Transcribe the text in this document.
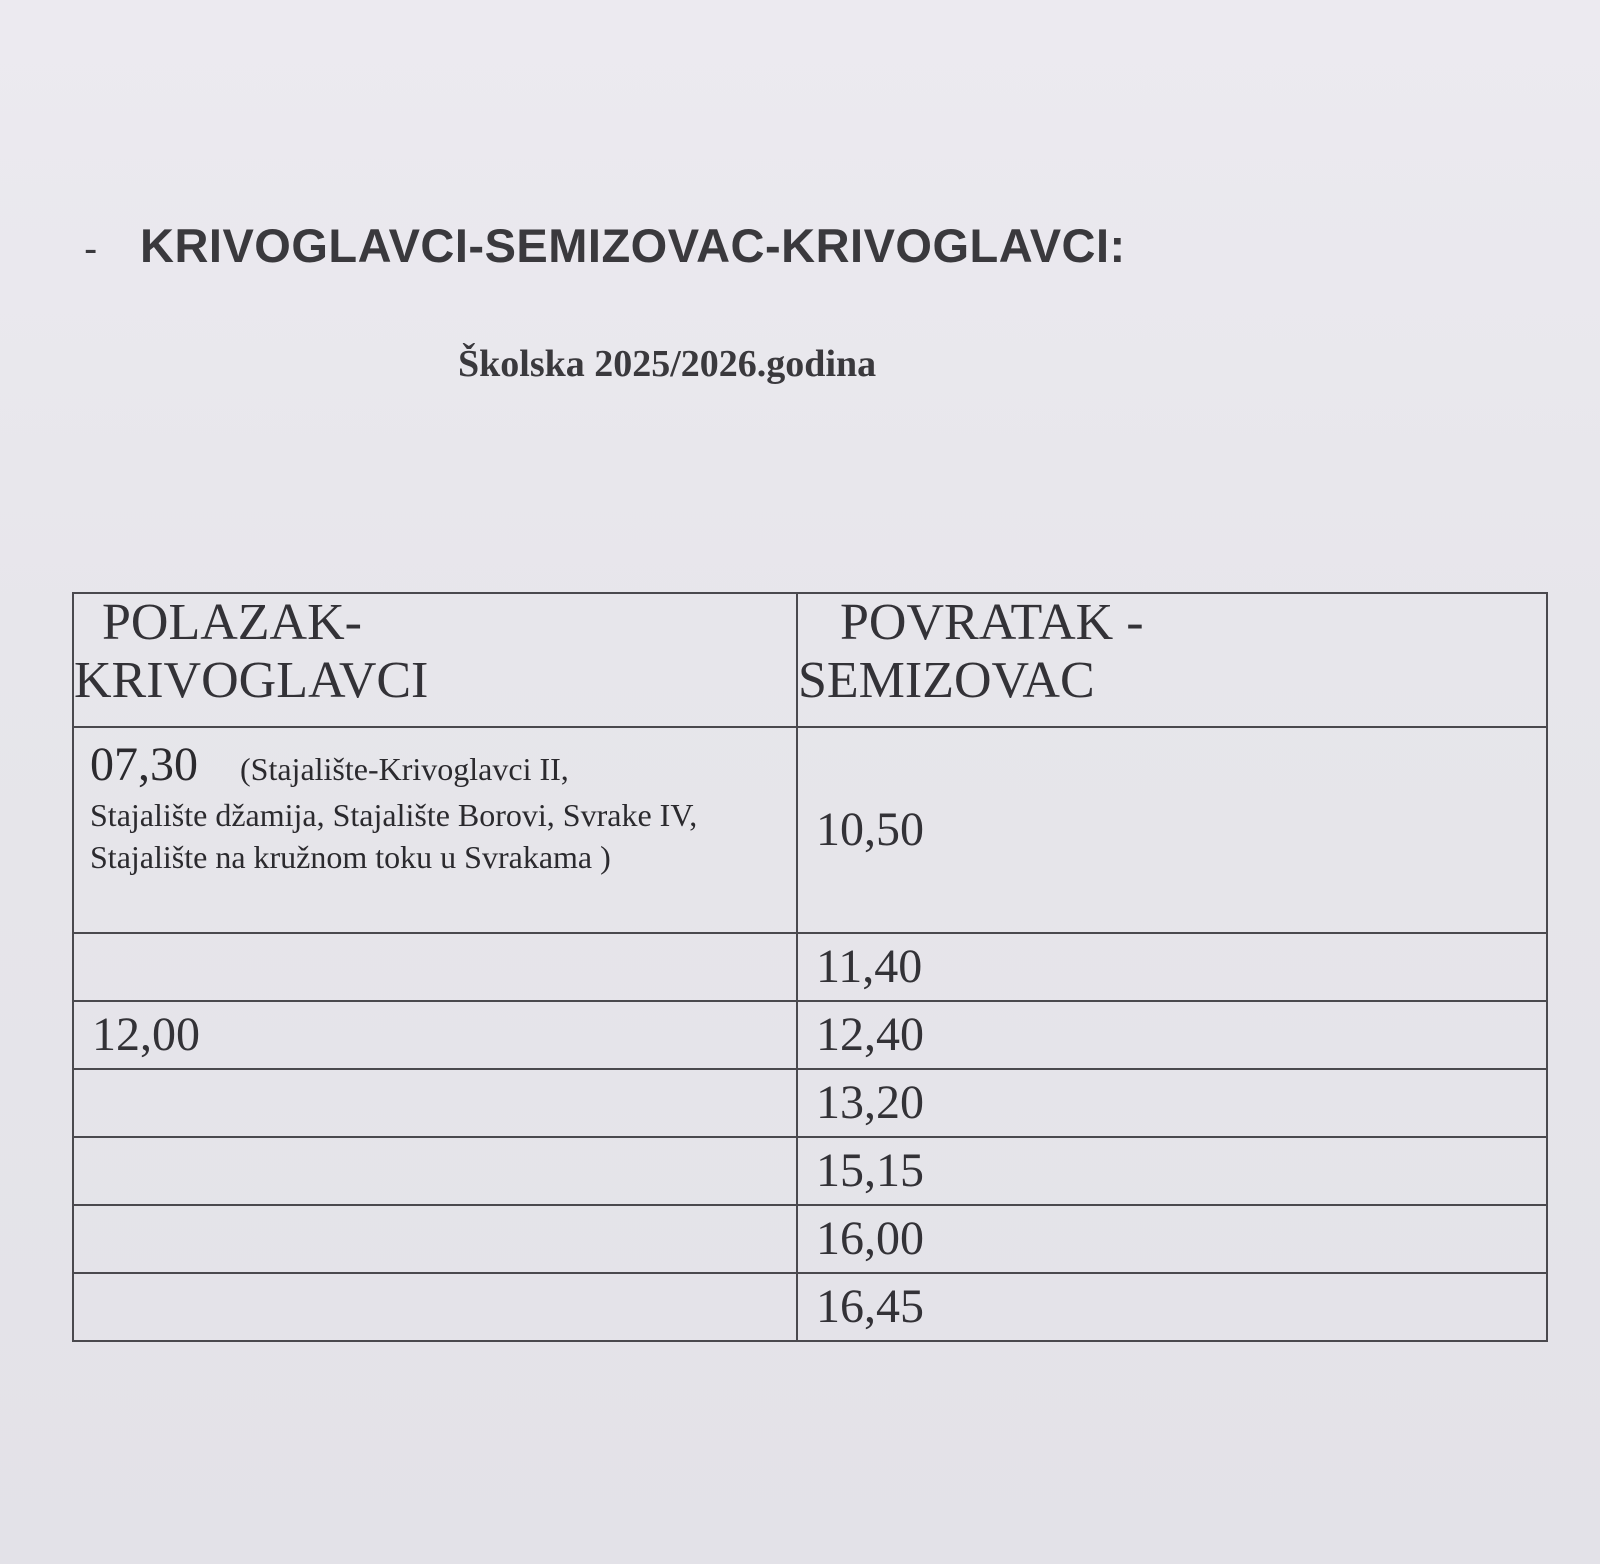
- KRIVOGLAVCI-SEMIZOVAC-KRIVOGLAVCI:
Školska 2025/2026.godina
POLAZAK-
KRIVOGLAVCI	POVRATAK -
SEMIZOVAC
07,30 (Stajalište-Krivoglavci II,
Stajalište džamija, Stajalište Borovi, Svrake IV, Stajalište na kružnom toku u Svrakama )	10,50

	11,40

12,00	12,40

	13,20

	15,15

	16,00

	16,45
